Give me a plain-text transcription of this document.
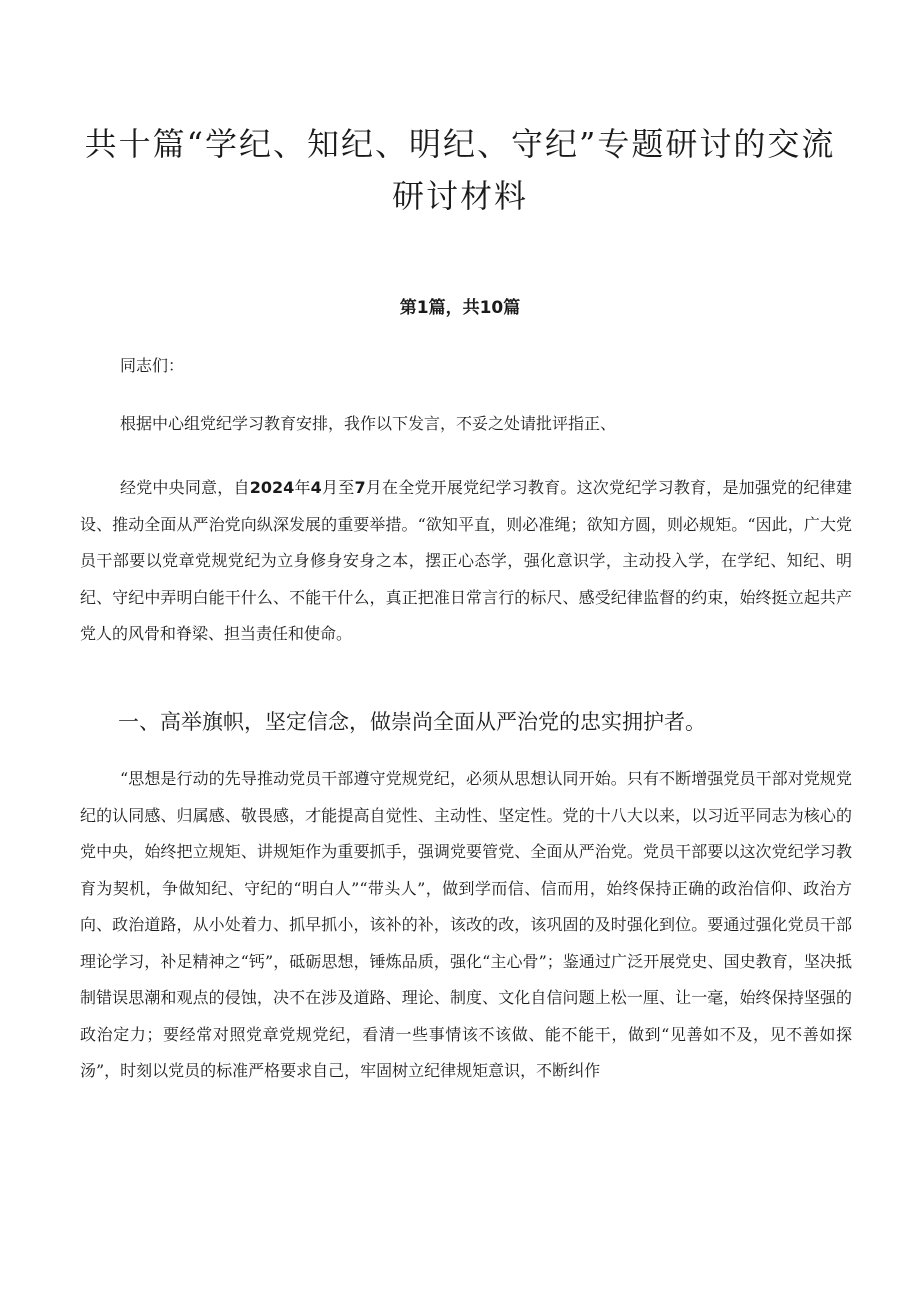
共十篇“学纪、知纪、明纪、守纪”专题研讨的交流研讨材料
第1篇，共10篇
同志们：
根据中心组党纪学习教育安排，我作以下发言，不妥之处请批评指正、

经党中央同意，自2024年4月至7月在全党开展党纪学习教育。这次党纪学习教育，是加强党的纪律建设、推动全面从严治党向纵深发展的重要举措。“欲知平直，则必准绳；欲知方圆，则必规矩。“因此，广大党员干部要以党章党规党纪为立身修身安身之本，摆正心态学，强化意识学，主动投入学，在学纪、知纪、明纪、守纪中弄明白能干什么、不能干什么，真正把准日常言行的标尺、感受纪律监督的约束，始终挺立起共产党人的风骨和脊梁、担当责任和使命。

一、高举旗帜，坚定信念，做崇尚全面从严治党的忠实拥护者。

“思想是行动的先导推动党员干部遵守党规党纪，必须从思想认同开始。只有不断增强党员干部对党规党纪的认同感、归属感、敬畏感，才能提高自觉性、主动性、坚定性。党的十八大以来，以习近平同志为核心的党中央，始终把立规矩、讲规矩作为重要抓手，强调党要管党、全面从严治党。党员干部要以这次党纪学习教育为契机，争做知纪、守纪的“明白人”“带头人”，做到学而信、信而用，始终保持正确的政治信仰、政治方向、政治道路，从小处着力、抓早抓小，该补的补，该改的改，该巩固的及时强化到位。要通过强化党员干部理论学习，补足精神之“钙”，砥砺思想，锤炼品质，强化“主心骨”；鉴通过广泛开展党史、国史教育，坚决抵制错误思潮和观点的侵蚀，决不在涉及道路、理论、制度、文化自信问题上松一厘、让一毫，始终保持坚强的政治定力；要经常对照党章党规党纪，看清一些事情该不该做、能不能干，做到“见善如不及，见不善如探汤”，时刻以党员的标准严格要求自己，牢固树立纪律规矩意识，不断纠作
